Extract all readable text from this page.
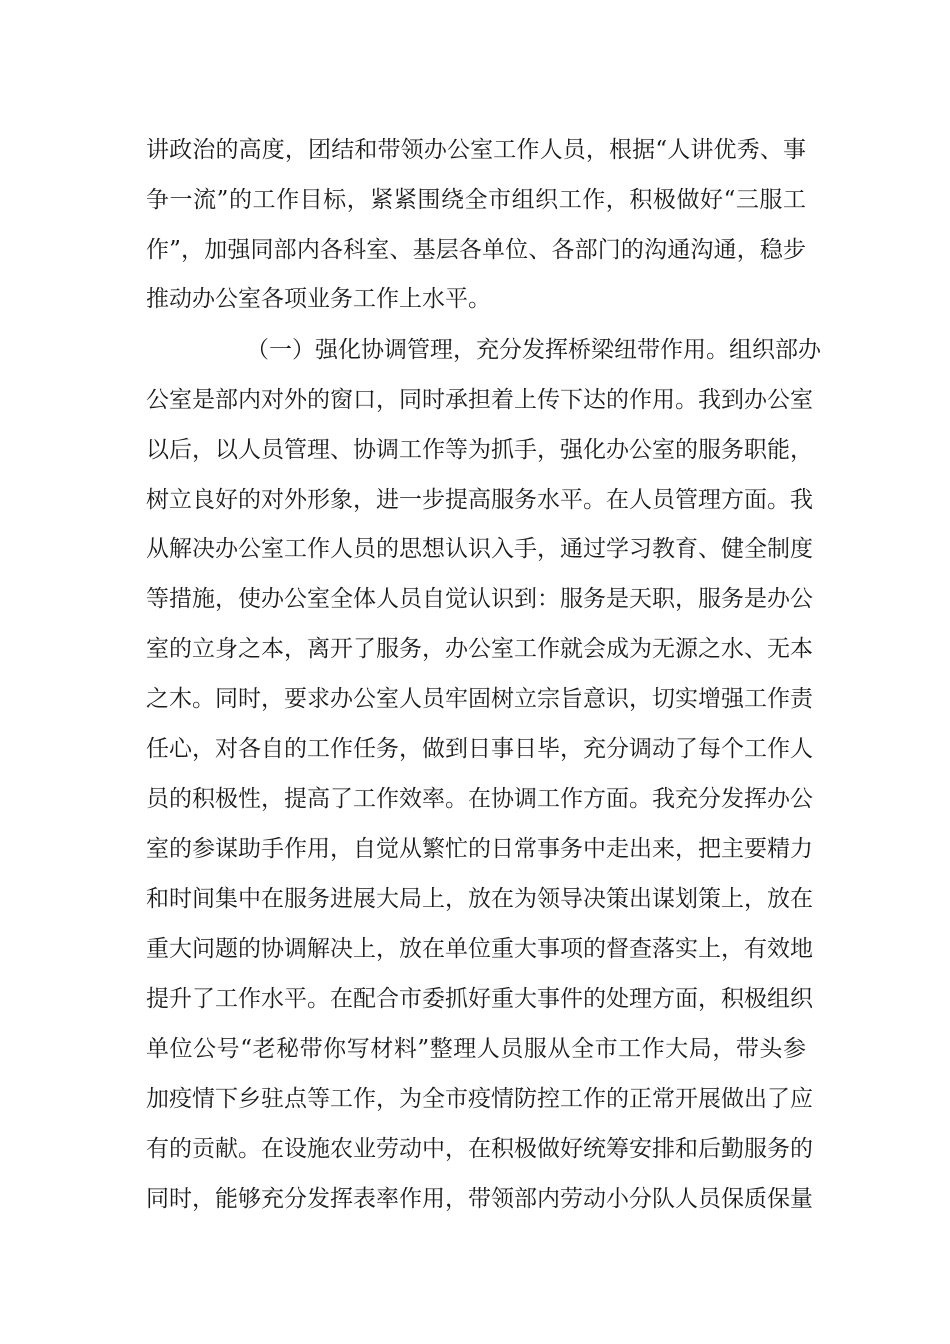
讲政治的高度，团结和带领办公室工作人员，根据“人讲优秀、事
争一流”的工作目标，紧紧围绕全市组织工作，积极做好“三服工
作”，加强同部内各科室、基层各单位、各部门的沟通沟通，稳步
推动办公室各项业务工作上水平。
（一）强化协调管理，充分发挥桥梁纽带作用。组织部办
公室是部内对外的窗口，同时承担着上传下达的作用。我到办公室
以后，以人员管理、协调工作等为抓手，强化办公室的服务职能，
树立良好的对外形象，进一步提高服务水平。在人员管理方面。我
从解决办公室工作人员的思想认识入手，通过学习教育、健全制度
等措施，使办公室全体人员自觉认识到：服务是天职，服务是办公
室的立身之本，离开了服务，办公室工作就会成为无源之水、无本
之木。同时，要求办公室人员牢固树立宗旨意识，切实增强工作责
任心，对各自的工作任务，做到日事日毕，充分调动了每个工作人
员的积极性，提高了工作效率。在协调工作方面。我充分发挥办公
室的参谋助手作用，自觉从繁忙的日常事务中走出来，把主要精力
和时间集中在服务进展大局上，放在为领导决策出谋划策上，放在
重大问题的协调解决上，放在单位重大事项的督查落实上，有效地
提升了工作水平。在配合市委抓好重大事件的处理方面，积极组织
单位公号“老秘带你写材料”整理人员服从全市工作大局，带头参
加疫情下乡驻点等工作，为全市疫情防控工作的正常开展做出了应
有的贡献。在设施农业劳动中，在积极做好统筹安排和后勤服务的
同时，能够充分发挥表率作用，带领部内劳动小分队人员保质保量
